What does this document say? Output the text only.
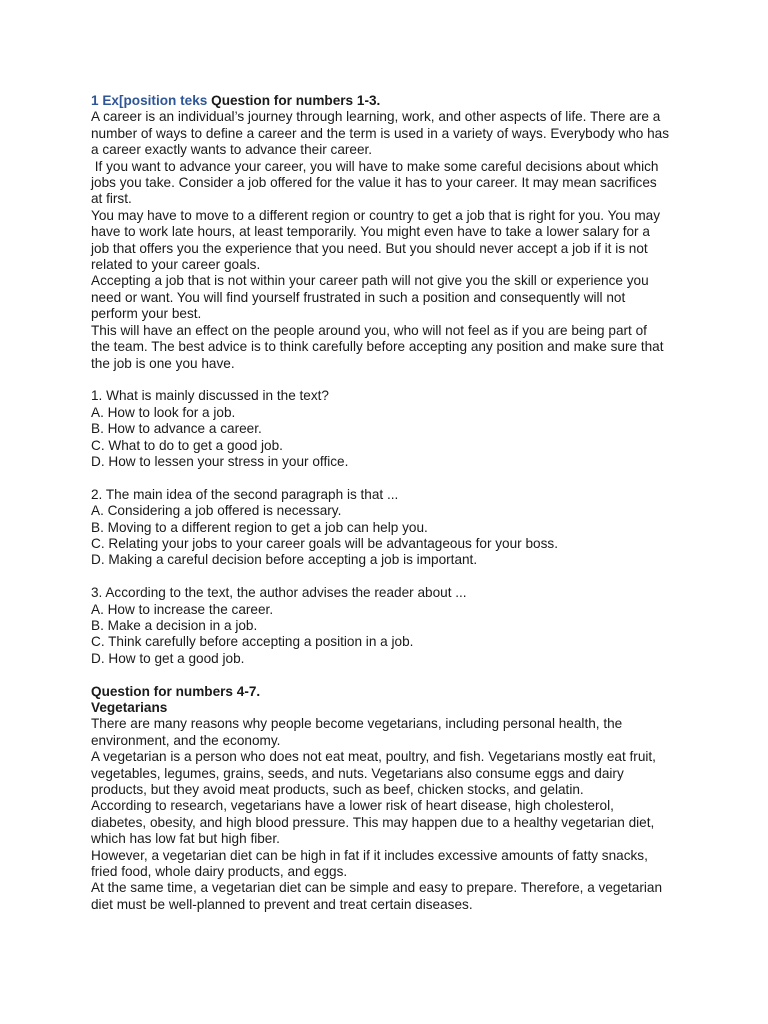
1 Ex[position teks Question for numbers 1-3.
A career is an individual’s journey through learning, work, and other aspects of life. There are a
number of ways to define a career and the term is used in a variety of ways. Everybody who has
a career exactly wants to advance their career.
If you want to advance your career, you will have to make some careful decisions about which
jobs you take. Consider a job offered for the value it has to your career. It may mean sacrifices
at first.
You may have to move to a different region or country to get a job that is right for you. You may
have to work late hours, at least temporarily. You might even have to take a lower salary for a
job that offers you the experience that you need. But you should never accept a job if it is not
related to your career goals.
Accepting a job that is not within your career path will not give you the skill or experience you
need or want. You will find yourself frustrated in such a position and consequently will not
perform your best.
This will have an effect on the people around you, who will not feel as if you are being part of
the team. The best advice is to think carefully before accepting any position and make sure that
the job is one you have.
1. What is mainly discussed in the text?
A. How to look for a job.
B. How to advance a career.
C. What to do to get a good job.
D. How to lessen your stress in your office.
2. The main idea of the second paragraph is that ...
A. Considering a job offered is necessary.
B. Moving to a different region to get a job can help you.
C. Relating your jobs to your career goals will be advantageous for your boss.
D. Making a careful decision before accepting a job is important.
3. According to the text, the author advises the reader about ...
A. How to increase the career.
B. Make a decision in a job.
C. Think carefully before accepting a position in a job.
D. How to get a good job.
Question for numbers 4-7.
Vegetarians
There are many reasons why people become vegetarians, including personal health, the
environment, and the economy.
A vegetarian is a person who does not eat meat, poultry, and fish. Vegetarians mostly eat fruit,
vegetables, legumes, grains, seeds, and nuts. Vegetarians also consume eggs and dairy
products, but they avoid meat products, such as beef, chicken stocks, and gelatin.
According to research, vegetarians have a lower risk of heart disease, high cholesterol,
diabetes, obesity, and high blood pressure. This may happen due to a healthy vegetarian diet,
which has low fat but high fiber.
However, a vegetarian diet can be high in fat if it includes excessive amounts of fatty snacks,
fried food, whole dairy products, and eggs.
At the same time, a vegetarian diet can be simple and easy to prepare. Therefore, a vegetarian
diet must be well-planned to prevent and treat certain diseases.
